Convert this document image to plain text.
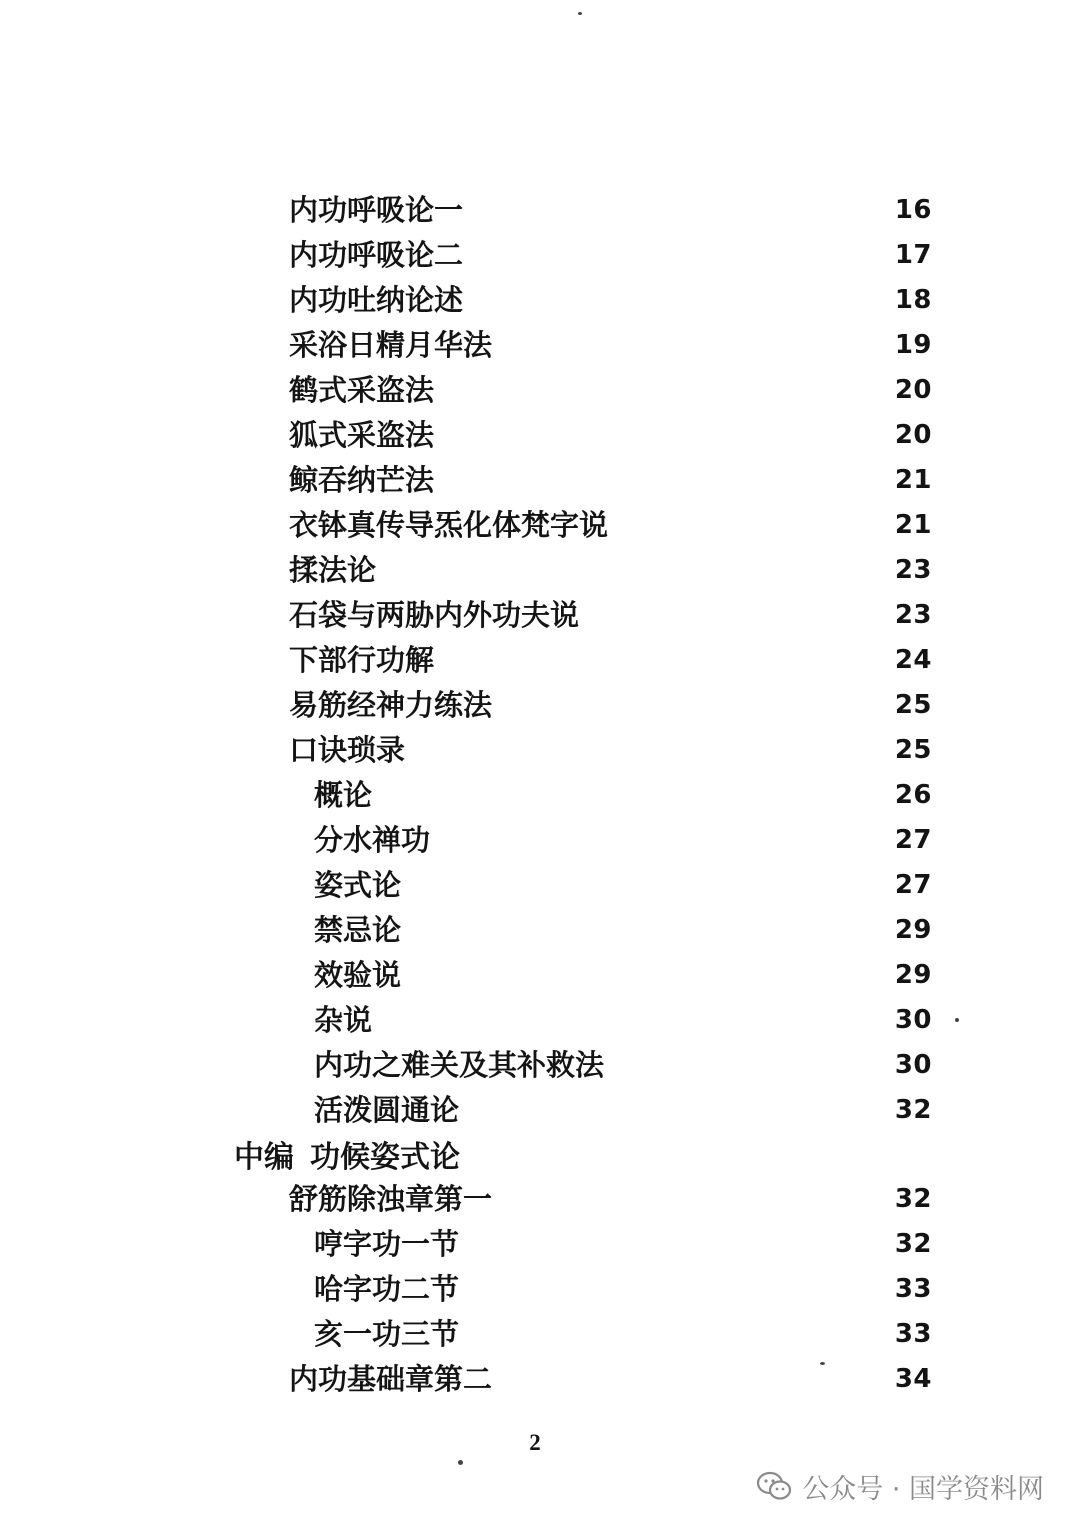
内功呼吸论一	16
内功呼吸论二	17
内功吐纳论述	18
采浴日精月华法	19
鹤式采盗法	20
狐式采盗法	20
鲸吞纳芒法	21
衣钵真传导炁化体梵字说	21
揉法论	23
石袋与两胁内外功夫说	23
下部行功解	24
易筋经神力练法	25
口诀琐录	25
概论	26
分水禅功	27
姿式论	27
禁忌论	29
效验说	29
杂说	30
内功之难关及其补救法	30
活泼圆通论	32
中编 功候姿式论
舒筋除浊章第一	32
哼字功一节	32
哈字功二节	33
亥一功三节	33
内功基础章第二	34
2
公众号 · 国学资料网
